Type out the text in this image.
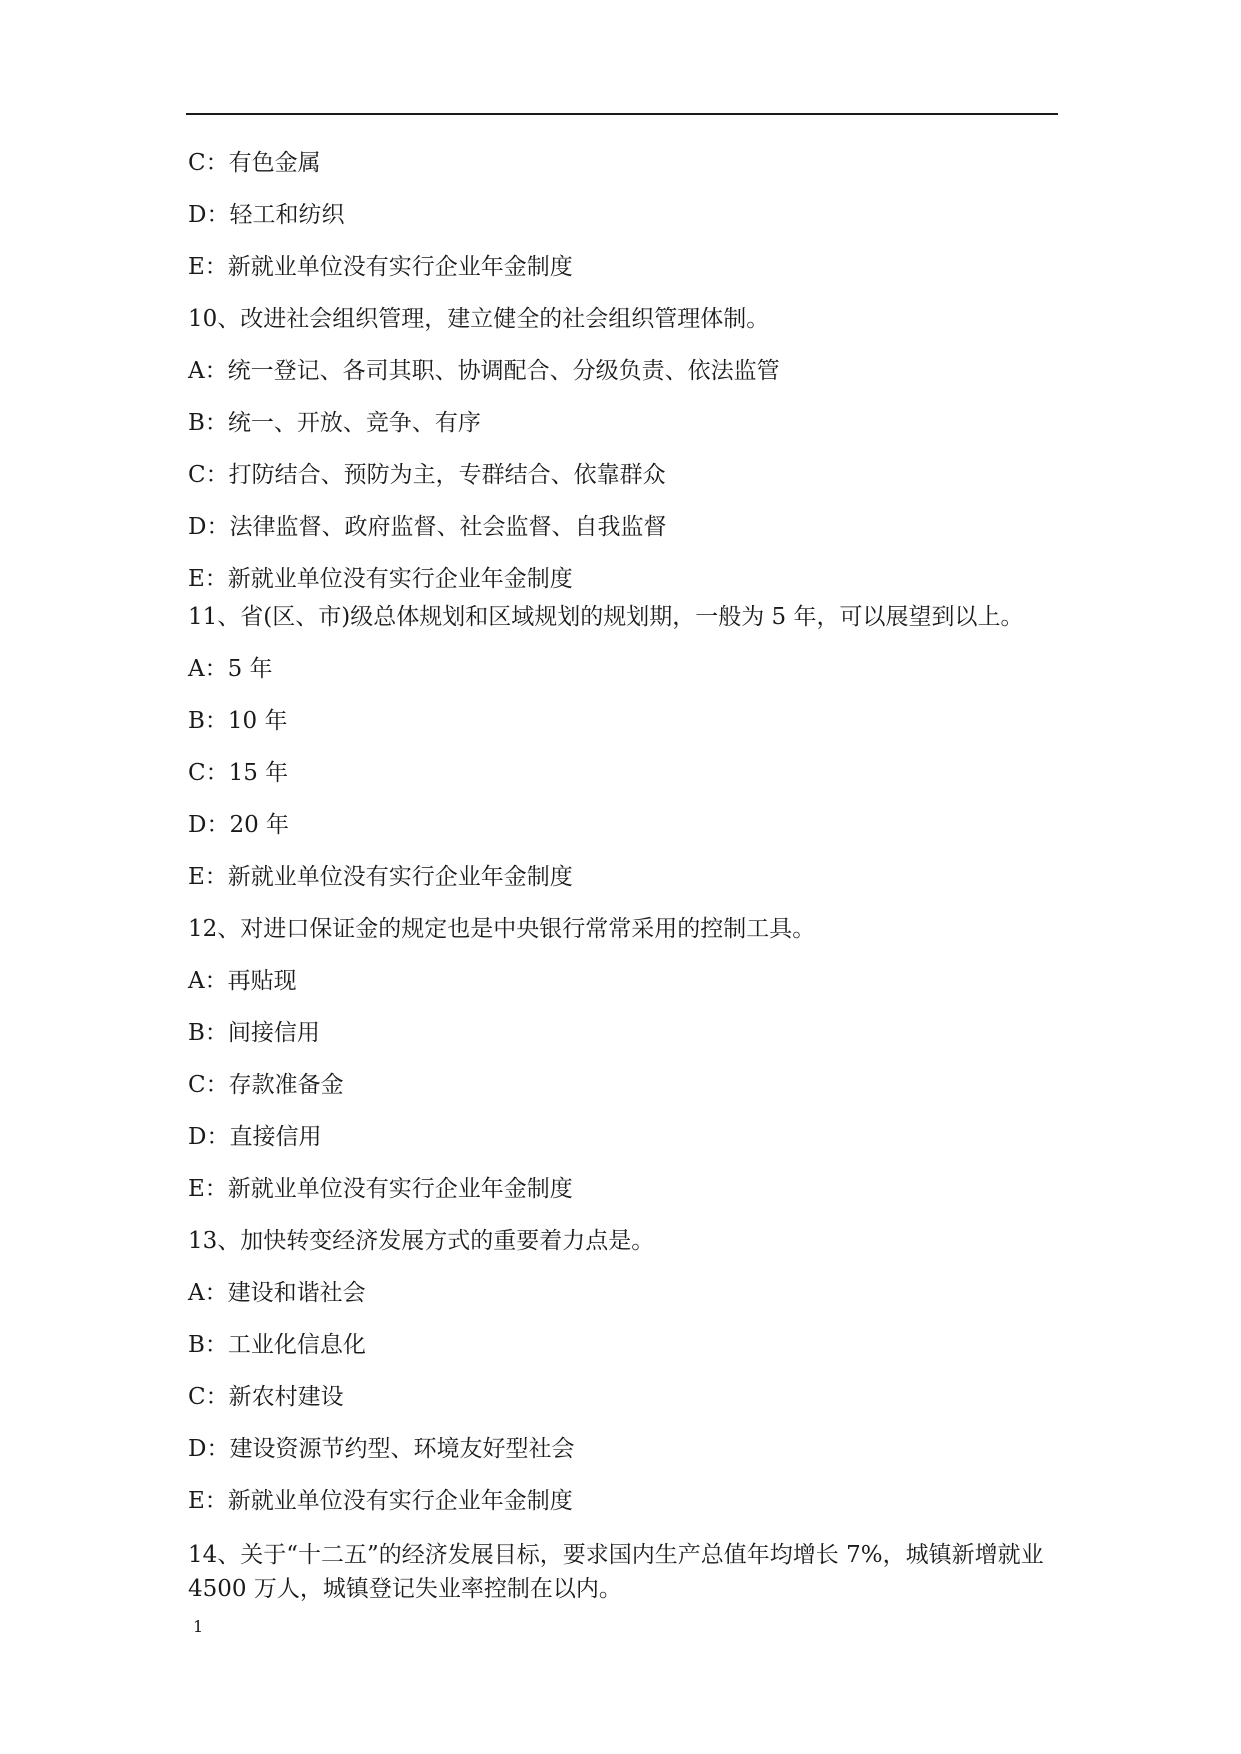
C：有色金属

D：轻工和纺织

E：新就业单位没有实行企业年金制度

10、改进社会组织管理，建立健全的社会组织管理体制。

A：统一登记、各司其职、协调配合、分级负责、依法监管

B：统一、开放、竞争、有序

C：打防结合、预防为主，专群结合、依靠群众

D：法律监督、政府监督、社会监督、自我监督

E：新就业单位没有实行企业年金制度

11、省(区、市)级总体规划和区域规划的规划期，一般为 5 年，可以展望到以上。

A：5 年

B：10 年

C：15 年

D：20 年

E：新就业单位没有实行企业年金制度

12、对进口保证金的规定也是中央银行常常采用的控制工具。

A：再贴现

B：间接信用

C：存款准备金

D：直接信用

E：新就业单位没有实行企业年金制度

13、加快转变经济发展方式的重要着力点是。

A：建设和谐社会

B：工业化信息化

C：新农村建设

D：建设资源节约型、环境友好型社会

E：新就业单位没有实行企业年金制度

14、关于“十二五”的经济发展目标，要求国内生产总值年均增长 7%，城镇新增就业 4500 万人，城镇登记失业率控制在以内。

1
